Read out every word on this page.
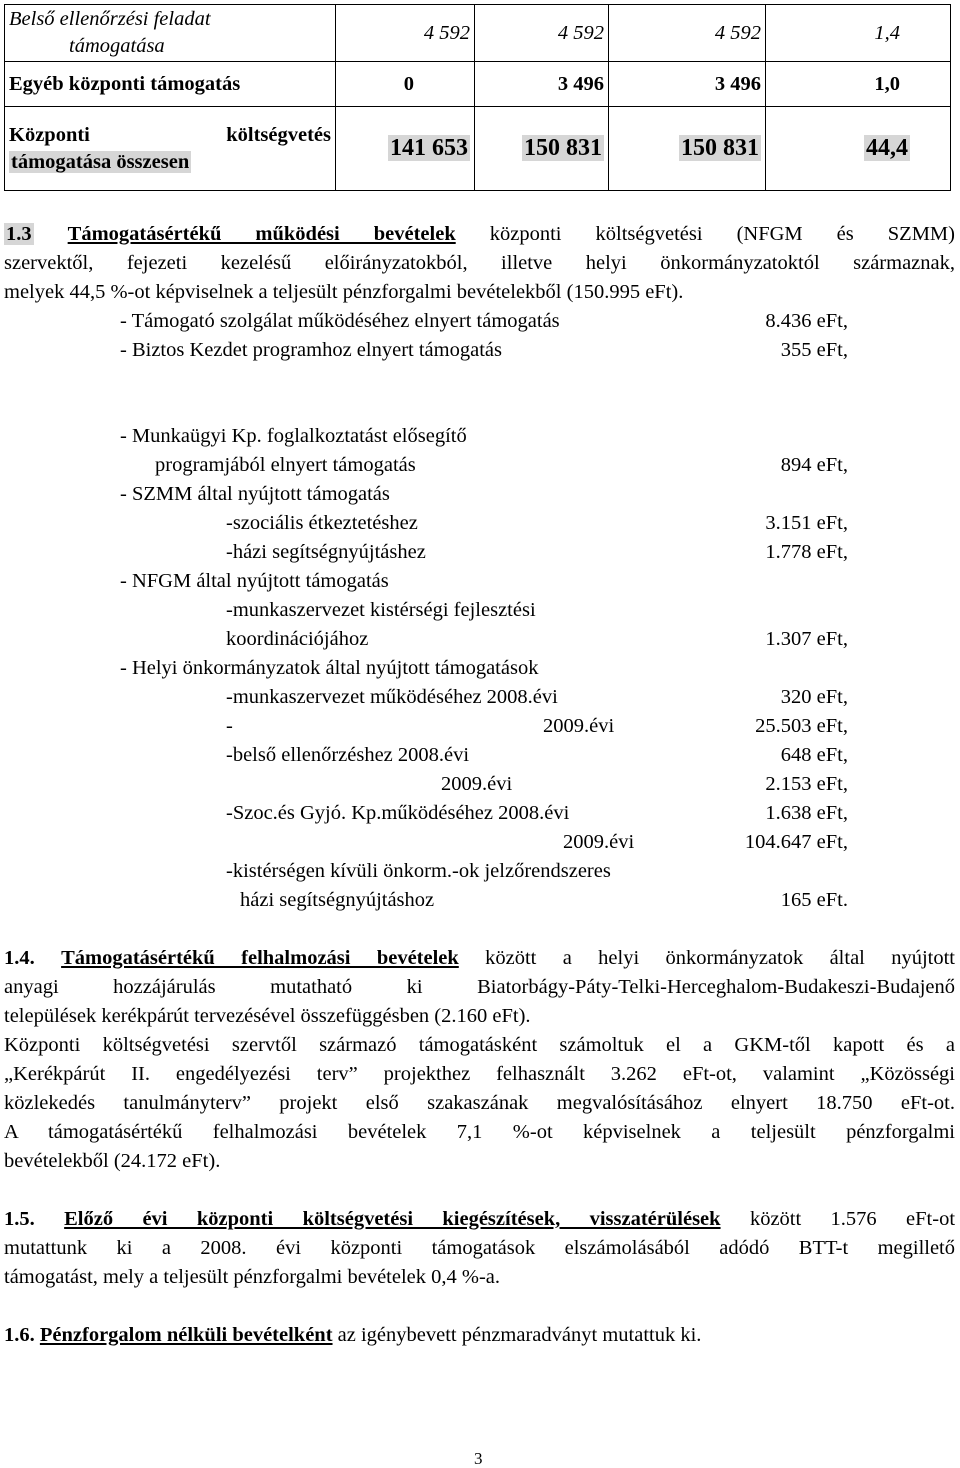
Belső ellenőrzési feladat
támogatása	4 592	4 592	4 592	1,4
Egyéb központi támogatás	0	3 496	3 496	1,0
Központi költségvetés
támogatása összesen	141 653	150 831	150 831	44,4
1.3 Támogatásértékű működési bevételek központi költségvetési (NFGM és SZMM)
szervektől, fejezeti kezelésű előirányzatokból, illetve helyi önkormányzatoktól származnak,
melyek 44,5 %-ot képviselnek a teljesült pénzforgalmi bevételekből (150.995 eFt).
- Támogató szolgálat működéséhez elnyert támogatás	8.436 eFt,
- Biztos Kezdet programhoz elnyert támogatás	355 eFt,
- Munkaügyi Kp. foglalkoztatást elősegítő
programjából elnyert támogatás	894 eFt,
- SZMM által nyújtott támogatás
-szociális étkeztetéshez	3.151 eFt,
-házi segítségnyújtáshez	1.778 eFt,
- NFGM által nyújtott támogatás
-munkaszervezet kistérségi fejlesztési
koordinációjához	1.307 eFt,
- Helyi önkormányzatok által nyújtott támogatások
-munkaszervezet működéséhez 2008.évi	320 eFt,
-	2009.évi	25.503 eFt,
-belső ellenőrzéshez 2008.évi	648 eFt,
2009.évi	2.153 eFt,
-Szoc.és Gyjó. Kp.működéséhez 2008.évi	1.638 eFt,
2009.évi	104.647 eFt,
-kistérségen kívüli önkorm.-ok jelzőrendszeres
házi segítségnyújtáshoz	165 eFt.
1.4. Támogatásértékű felhalmozási bevételek között a helyi önkormányzatok által nyújtott
anyagi hozzájárulás mutatható ki Biatorbágy-Páty-Telki-Herceghalom-Budakeszi-Budajenő
települések kerékpárút tervezésével összefüggésben (2.160 eFt).
Központi költségvetési szervtől származó támogatásként számoltuk el a GKM-től kapott és a
„Kerékpárút II. engedélyezési terv” projekthez felhasznált 3.262 eFt-ot, valamint „Közösségi
közlekedés tanulmányterv” projekt első szakaszának megvalósításához elnyert 18.750 eFt-ot.
A támogatásértékű felhalmozási bevételek 7,1 %-ot képviselnek a teljesült pénzforgalmi
bevételekből (24.172 eFt).
1.5. Előző évi központi költségvetési kiegészítések, visszatérülések között 1.576 eFt-ot
mutattunk ki a 2008. évi központi támogatások elszámolásából adódó BTT-t megillető
támogatást, mely a teljesült pénzforgalmi bevételek 0,4 %-a.
1.6. Pénzforgalom nélküli bevételként az igénybevett pénzmaradványt mutattuk ki.
3
